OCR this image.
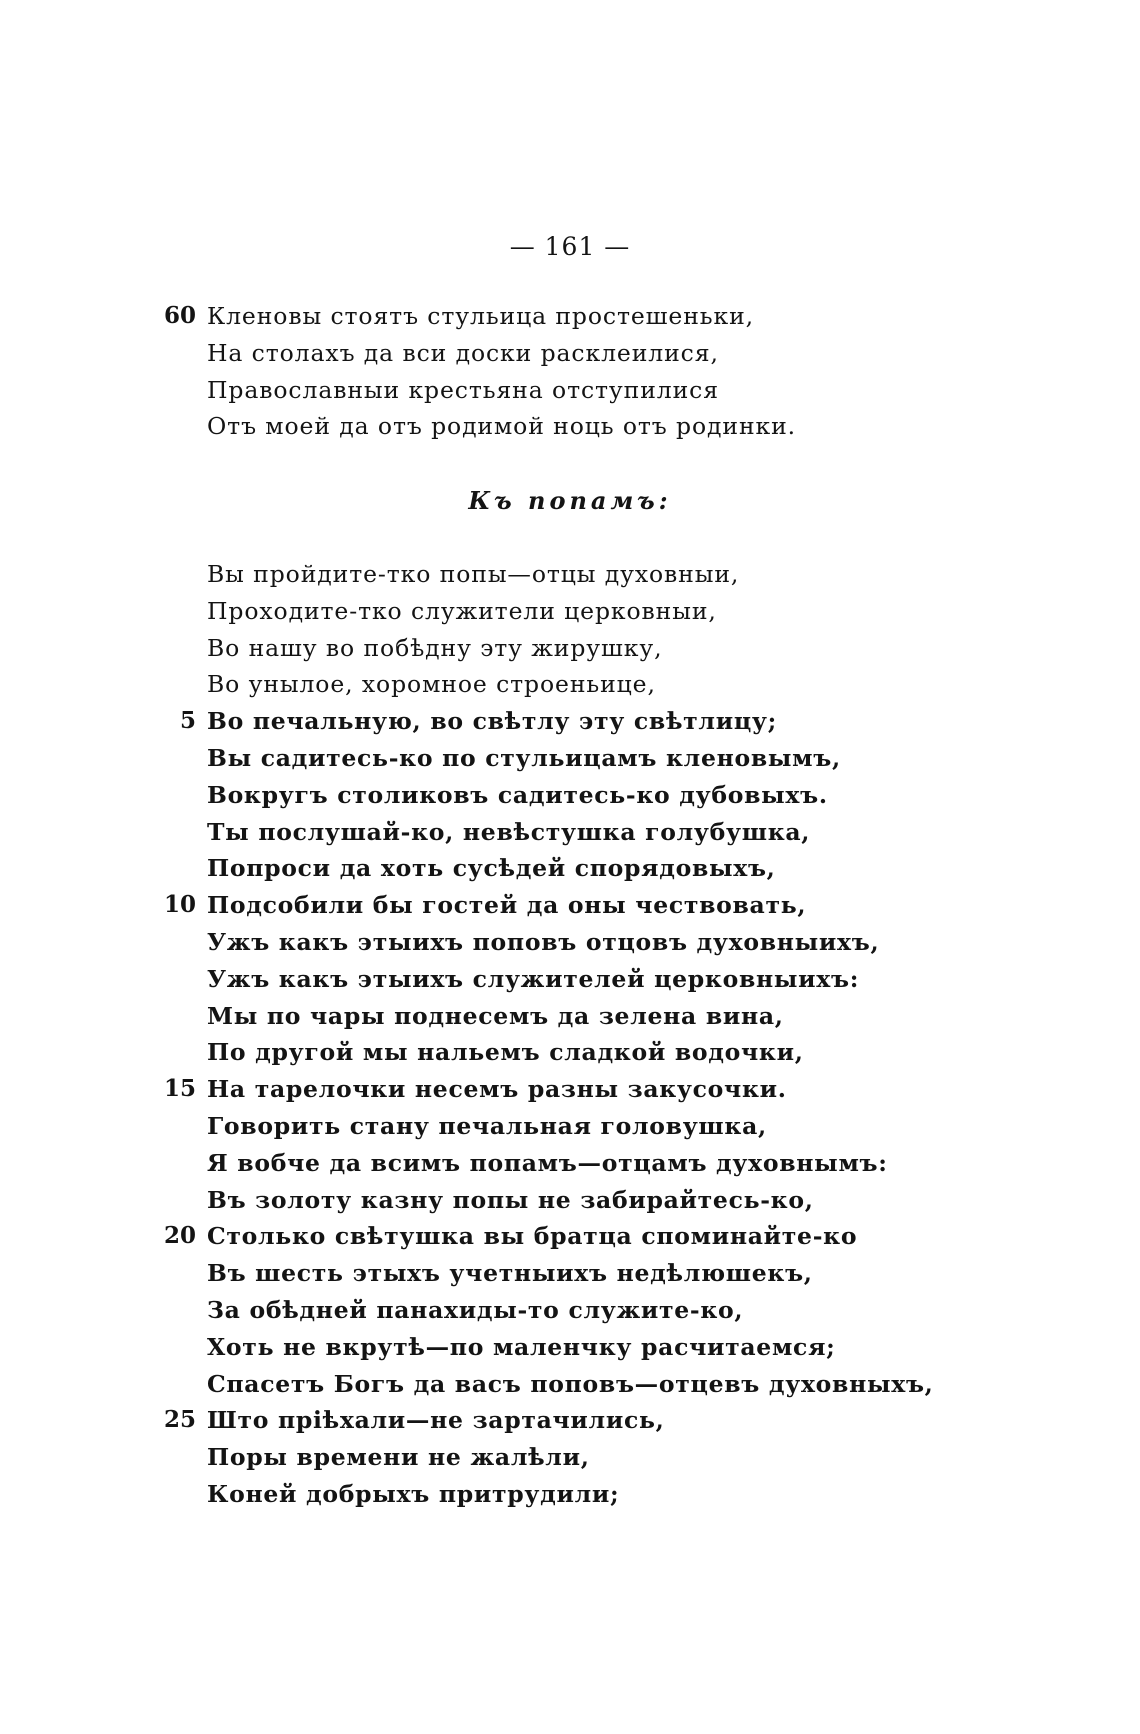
— 161 —
60 Кленовы стоятъ стульица простешеньки,
На столахъ да вси доски расклеилися,
Православныи крестьяна отступилися
Отъ моей да отъ родимой ноць отъ родинки.
Къ попамъ:
Вы пройдите-тко попы—отцы духовныи,
Проходите-тко служители церковныи,
Во нашу во побѣдну эту жирушку,
Во унылое, хоромное строеньице,
5 Во печальную, во свѣтлу эту свѣтлицу;
Вы садитесь-ко по стульицамъ кленовымъ,
Вокругъ столиковъ садитесь-ко дубовыхъ.
Ты послушай-ко, невѣстушка голубушка,
Попроси да хоть сусѣдей спорядовыхъ,
10 Подсобили бы гостей да оны чествовать,
Ужъ какъ этыихъ поповъ отцовъ духовныихъ,
Ужъ какъ этыихъ служителей церковныихъ:
Мы по чары поднесемъ да зелена вина,
По другой мы нальемъ сладкой водочки,
15 На тарелочки несемъ разны закусочки.
Говорить стану печальная головушка,
Я вобче да всимъ попамъ—отцамъ духовнымъ:
Въ золоту казну попы не забирайтесь-ко,
20 Столько свѣтушка вы братца споминайте-ко
Въ шесть этыхъ учетныихъ недѣлюшекъ,
За обѣдней панахиды-то служите-ко,
Хоть не вкрутѣ—по маленчку расчитаемся;
Спасетъ Богъ да васъ поповъ—отцевъ духовныхъ,
25 Што пріѣхали—не зартачились,
Поры времени не жалѣли,
Коней добрыхъ притрудили;
